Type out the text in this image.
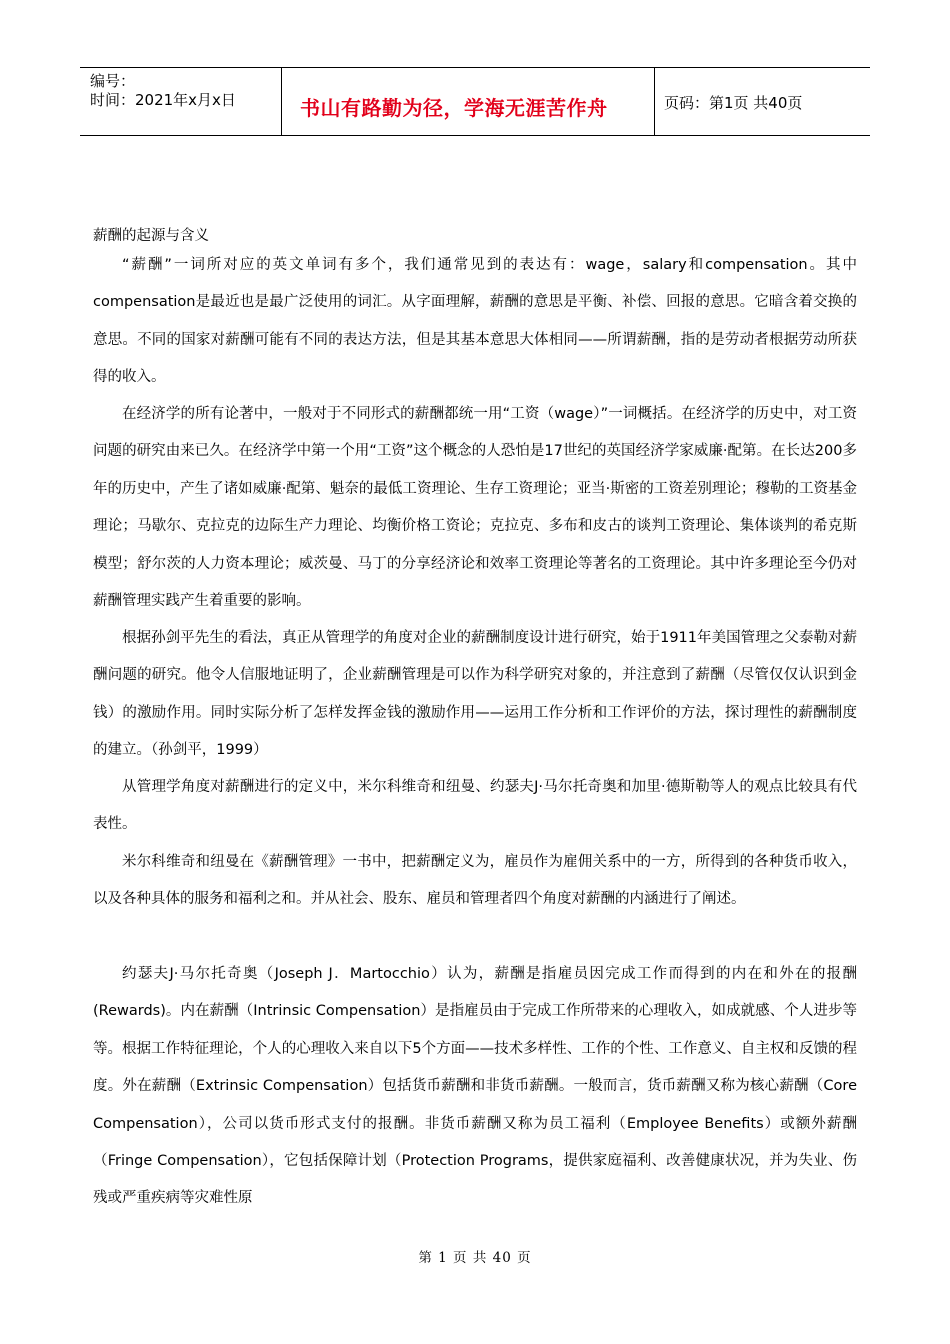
编号：
时间：2021年x月x日	书山有路勤为径，学海无涯苦作舟	页码：第1页 共40页
薪酬的起源与含义

“薪酬”一词所对应的英文单词有多个，我们通常见到的表达有：wage，salary和compensation。其中compensation是最近也是最广泛使用的词汇。从字面理解，薪酬的意思是平衡、补偿、回报的意思。它暗含着交换的意思。不同的国家对薪酬可能有不同的表达方法，但是其基本意思大体相同——所谓薪酬，指的是劳动者根据劳动所获得的收入。

在经济学的所有论著中，一般对于不同形式的薪酬都统一用“工资（wage）”一词概括。在经济学的历史中，对工资问题的研究由来已久。在经济学中第一个用“工资”这个概念的人恐怕是17世纪的英国经济学家威廉·配第。在长达200多年的历史中，产生了诸如威廉·配第、魁奈的最低工资理论、生存工资理论；亚当·斯密的工资差别理论；穆勒的工资基金理论；马歇尔、克拉克的边际生产力理论、均衡价格工资论；克拉克、多布和皮古的谈判工资理论、集体谈判的希克斯模型；舒尔茨的人力资本理论；威茨曼、马丁的分享经济论和效率工资理论等著名的工资理论。其中许多理论至今仍对薪酬管理实践产生着重要的影响。

根据孙剑平先生的看法，真正从管理学的角度对企业的薪酬制度设计进行研究，始于1911年美国管理之父泰勒对薪酬问题的研究。他令人信服地证明了，企业薪酬管理是可以作为科学研究对象的，并注意到了薪酬（尽管仅仅认识到金钱）的激励作用。同时实际分析了怎样发挥金钱的激励作用——运用工作分析和工作评价的方法，探讨理性的薪酬制度的建立。（孙剑平，1999）

从管理学角度对薪酬进行的定义中，米尔科维奇和纽曼、约瑟夫J·马尔托奇奥和加里·德斯勒等人的观点比较具有代表性。

米尔科维奇和纽曼在《薪酬管理》一书中，把薪酬定义为，雇员作为雇佣关系中的一方，所得到的各种货币收入，以及各种具体的服务和福利之和。并从社会、股东、雇员和管理者四个角度对薪酬的内涵进行了阐述。

约瑟夫J·马尔托奇奥（Joseph J．Martocchio）认为，薪酬是指雇员因完成工作而得到的内在和外在的报酬(Rewards)。内在薪酬（Intrinsic Compensation）是指雇员由于完成工作所带来的心理收入，如成就感、个人进步等等。根据工作特征理论，个人的心理收入来自以下5个方面——技术多样性、工作的个性、工作意义、自主权和反馈的程度。外在薪酬（Extrinsic Compensation）包括货币薪酬和非货币薪酬。一般而言，货币薪酬又称为核心薪酬（Core Compensation），公司以货币形式支付的报酬。非货币薪酬又称为员工福利（Employee Benefits）或额外薪酬（Fringe Compensation），它包括保障计划（Protection Programs，提供家庭福利、改善健康状况，并为失业、伤残或严重疾病等灾难性原

第 1 页 共 40 页
